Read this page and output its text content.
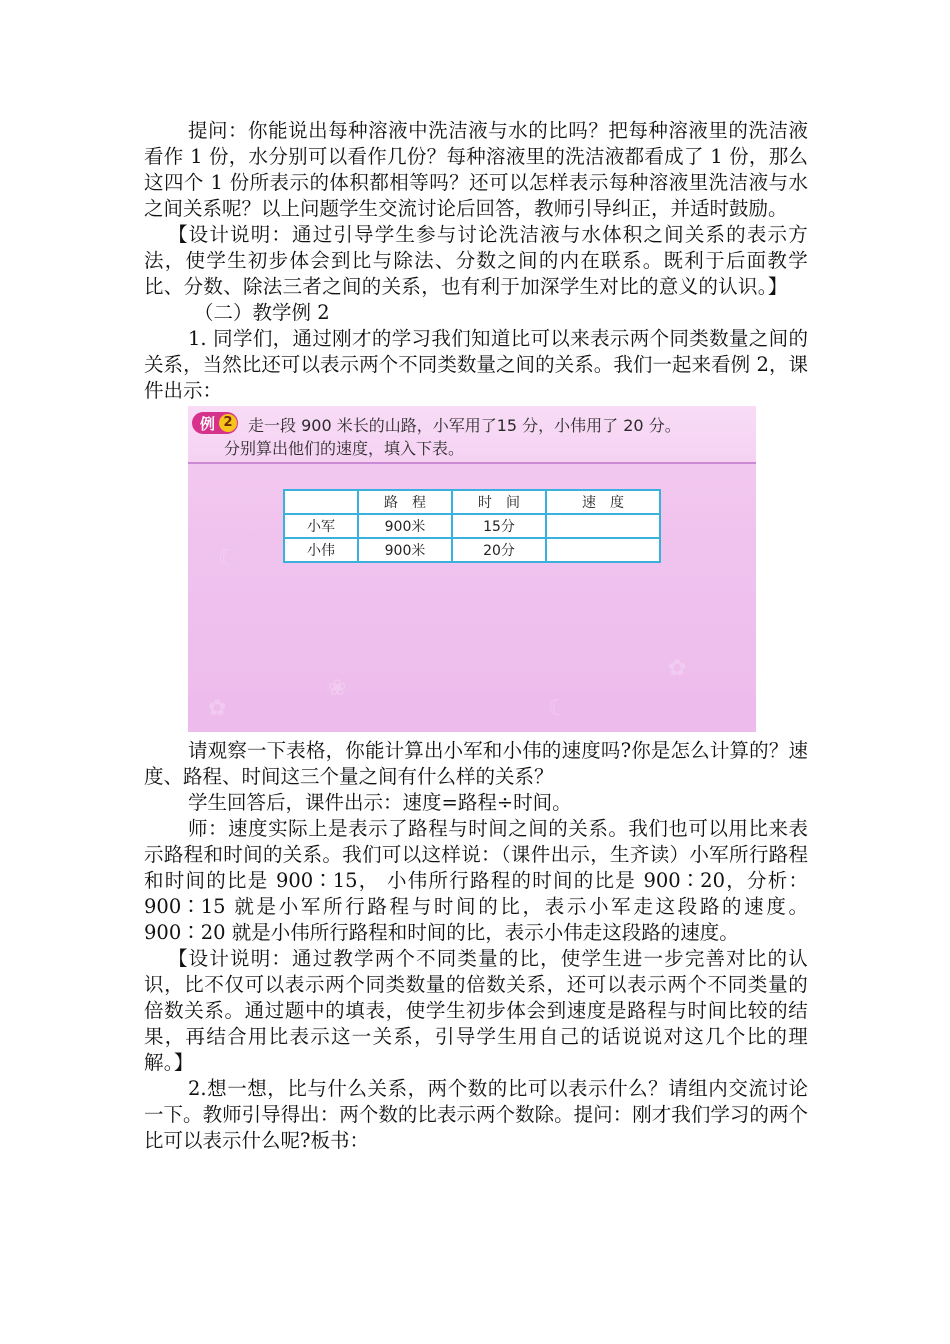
提问：你能说出每种溶液中洗洁液与水的比吗？把每种溶液里的洗洁液看作 1 份，水分别可以看作几份？每种溶液里的洗洁液都看成了 1 份，那么这四个 1 份所表示的体积都相等吗？还可以怎样表示每种溶液里洗洁液与水之间关系呢？以上问题学生交流讨论后回答，教师引导纠正，并适时鼓励。

【设计说明：通过引导学生参与讨论洗洁液与水体积之间关系的表示方法，使学生初步体会到比与除法、分数之间的内在联系。既利于后面教学比、分数、除法三者之间的关系，也有利于加深学生对比的意义的认识。】

（二）教学例 2

1. 同学们，通过刚才的学习我们知道比可以来表示两个同类数量之间的关系，当然比还可以表示两个不同类数量之间的关系。我们一起来看例 2，课件出示：

☾
✿
❀
☾
✿
例 2 走一段 900 米长的山路，小军用了15 分，小伟用了 20 分。
分别算出他们的速度，填入下表。
	路　程	时　间	速　度
小军	900米	15分	
小伟	900米	20分	

请观察一下表格，你能计算出小军和小伟的速度吗?你是怎么计算的？速度、路程、时间这三个量之间有什么样的关系？

学生回答后，课件出示：速度=路程÷时间。

师：速度实际上是表示了路程与时间之间的关系。我们也可以用比来表示路程和时间的关系。我们可以这样说：（课件出示，生齐读）小军所行路程和时间的比是 900∶15， 小伟所行路程的时间的比是 900∶20，分析：900∶15 就是小军所行路程与时间的比，表示小军走这段路的速度。900∶20 就是小伟所行路程和时间的比，表示小伟走这段路的速度。

【设计说明：通过教学两个不同类量的比，使学生进一步完善对比的认识，比不仅可以表示两个同类数量的倍数关系，还可以表示两个不同类量的倍数关系。通过题中的填表，使学生初步体会到速度是路程与时间比较的结果，再结合用比表示这一关系，引导学生用自己的话说说对这几个比的理解。】

2.想一想，比与什么关系，两个数的比可以表示什么？请组内交流讨论一下。教师引导得出：两个数的比表示两个数除。提问：刚才我们学习的两个比可以表示什么呢?板书：
